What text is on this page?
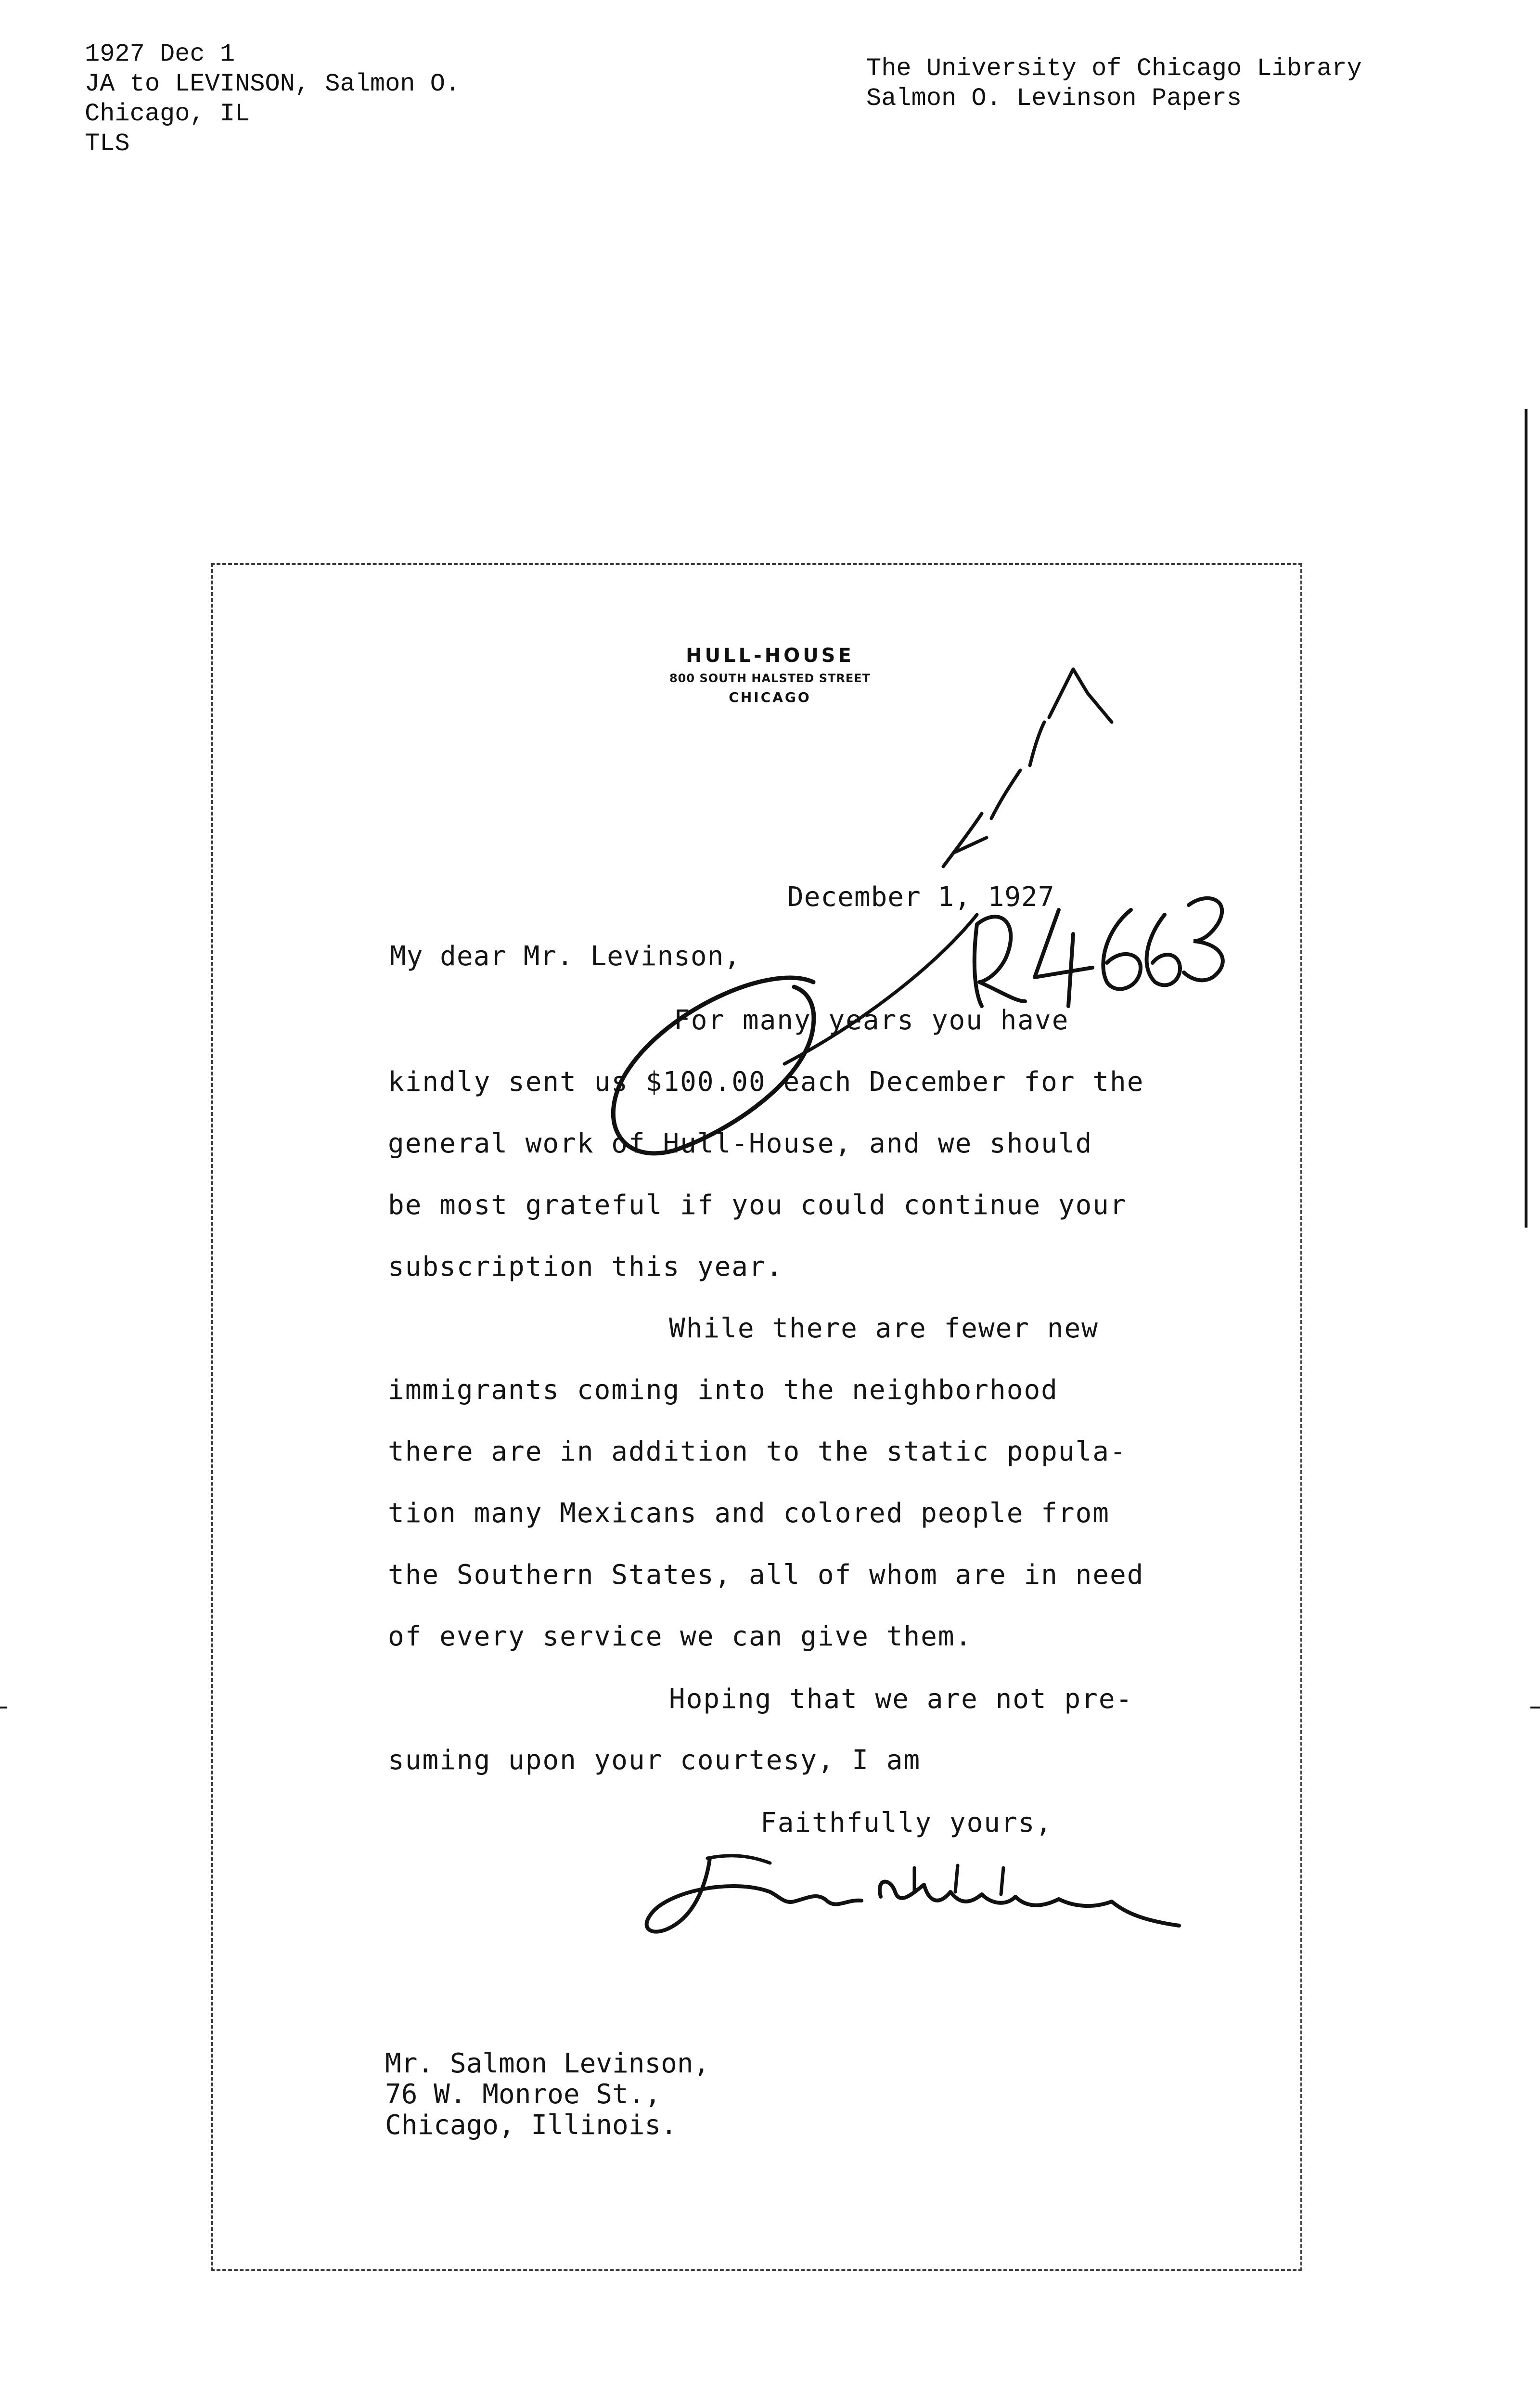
1927 Dec 1
JA to LEVINSON, Salmon O.
Chicago, IL
TLS
The University of Chicago Library
Salmon O. Levinson Papers
HULL-HOUSE
800 SOUTH HALSTED STREET
CHICAGO
December 1, 1927
My dear Mr. Levinson,
For many years you have
kindly sent us $100.00 each December for the
general work of Hull-House, and we should
be most grateful if you could continue your
subscription this year.
While there are fewer new
immigrants coming into the neighborhood
there are in addition to the static popula-
tion many Mexicans and colored people from
the Southern States, all of whom are in need
of every service we can give them.
Hoping that we are not pre-
suming upon your courtesy, I am
Faithfully yours,
Mr. Salmon Levinson,
76 W. Monroe St.,
Chicago, Illinois.
